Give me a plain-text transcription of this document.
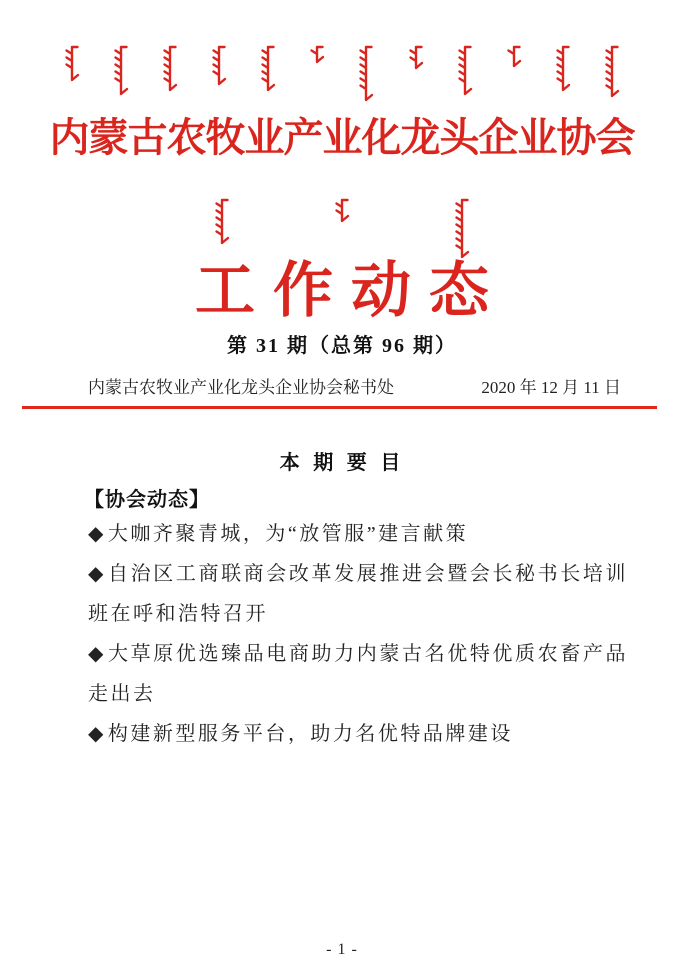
内蒙古农牧业产业化龙头企业协会
工作动态
第 31 期（总第 96 期）
内蒙古农牧业产业化龙头企业协会秘书处	2020 年 12 月 11 日
本 期 要 目
【协会动态】

◆ 大咖齐聚青城，为“放管服”建言献策

◆ 自治区工商联商会改革发展推进会暨会长秘书长培训班在呼和浩特召开

◆ 大草原优选臻品电商助力内蒙古名优特优质农畜产品走出去

◆ 构建新型服务平台，助力名优特品牌建设

- 1 -
